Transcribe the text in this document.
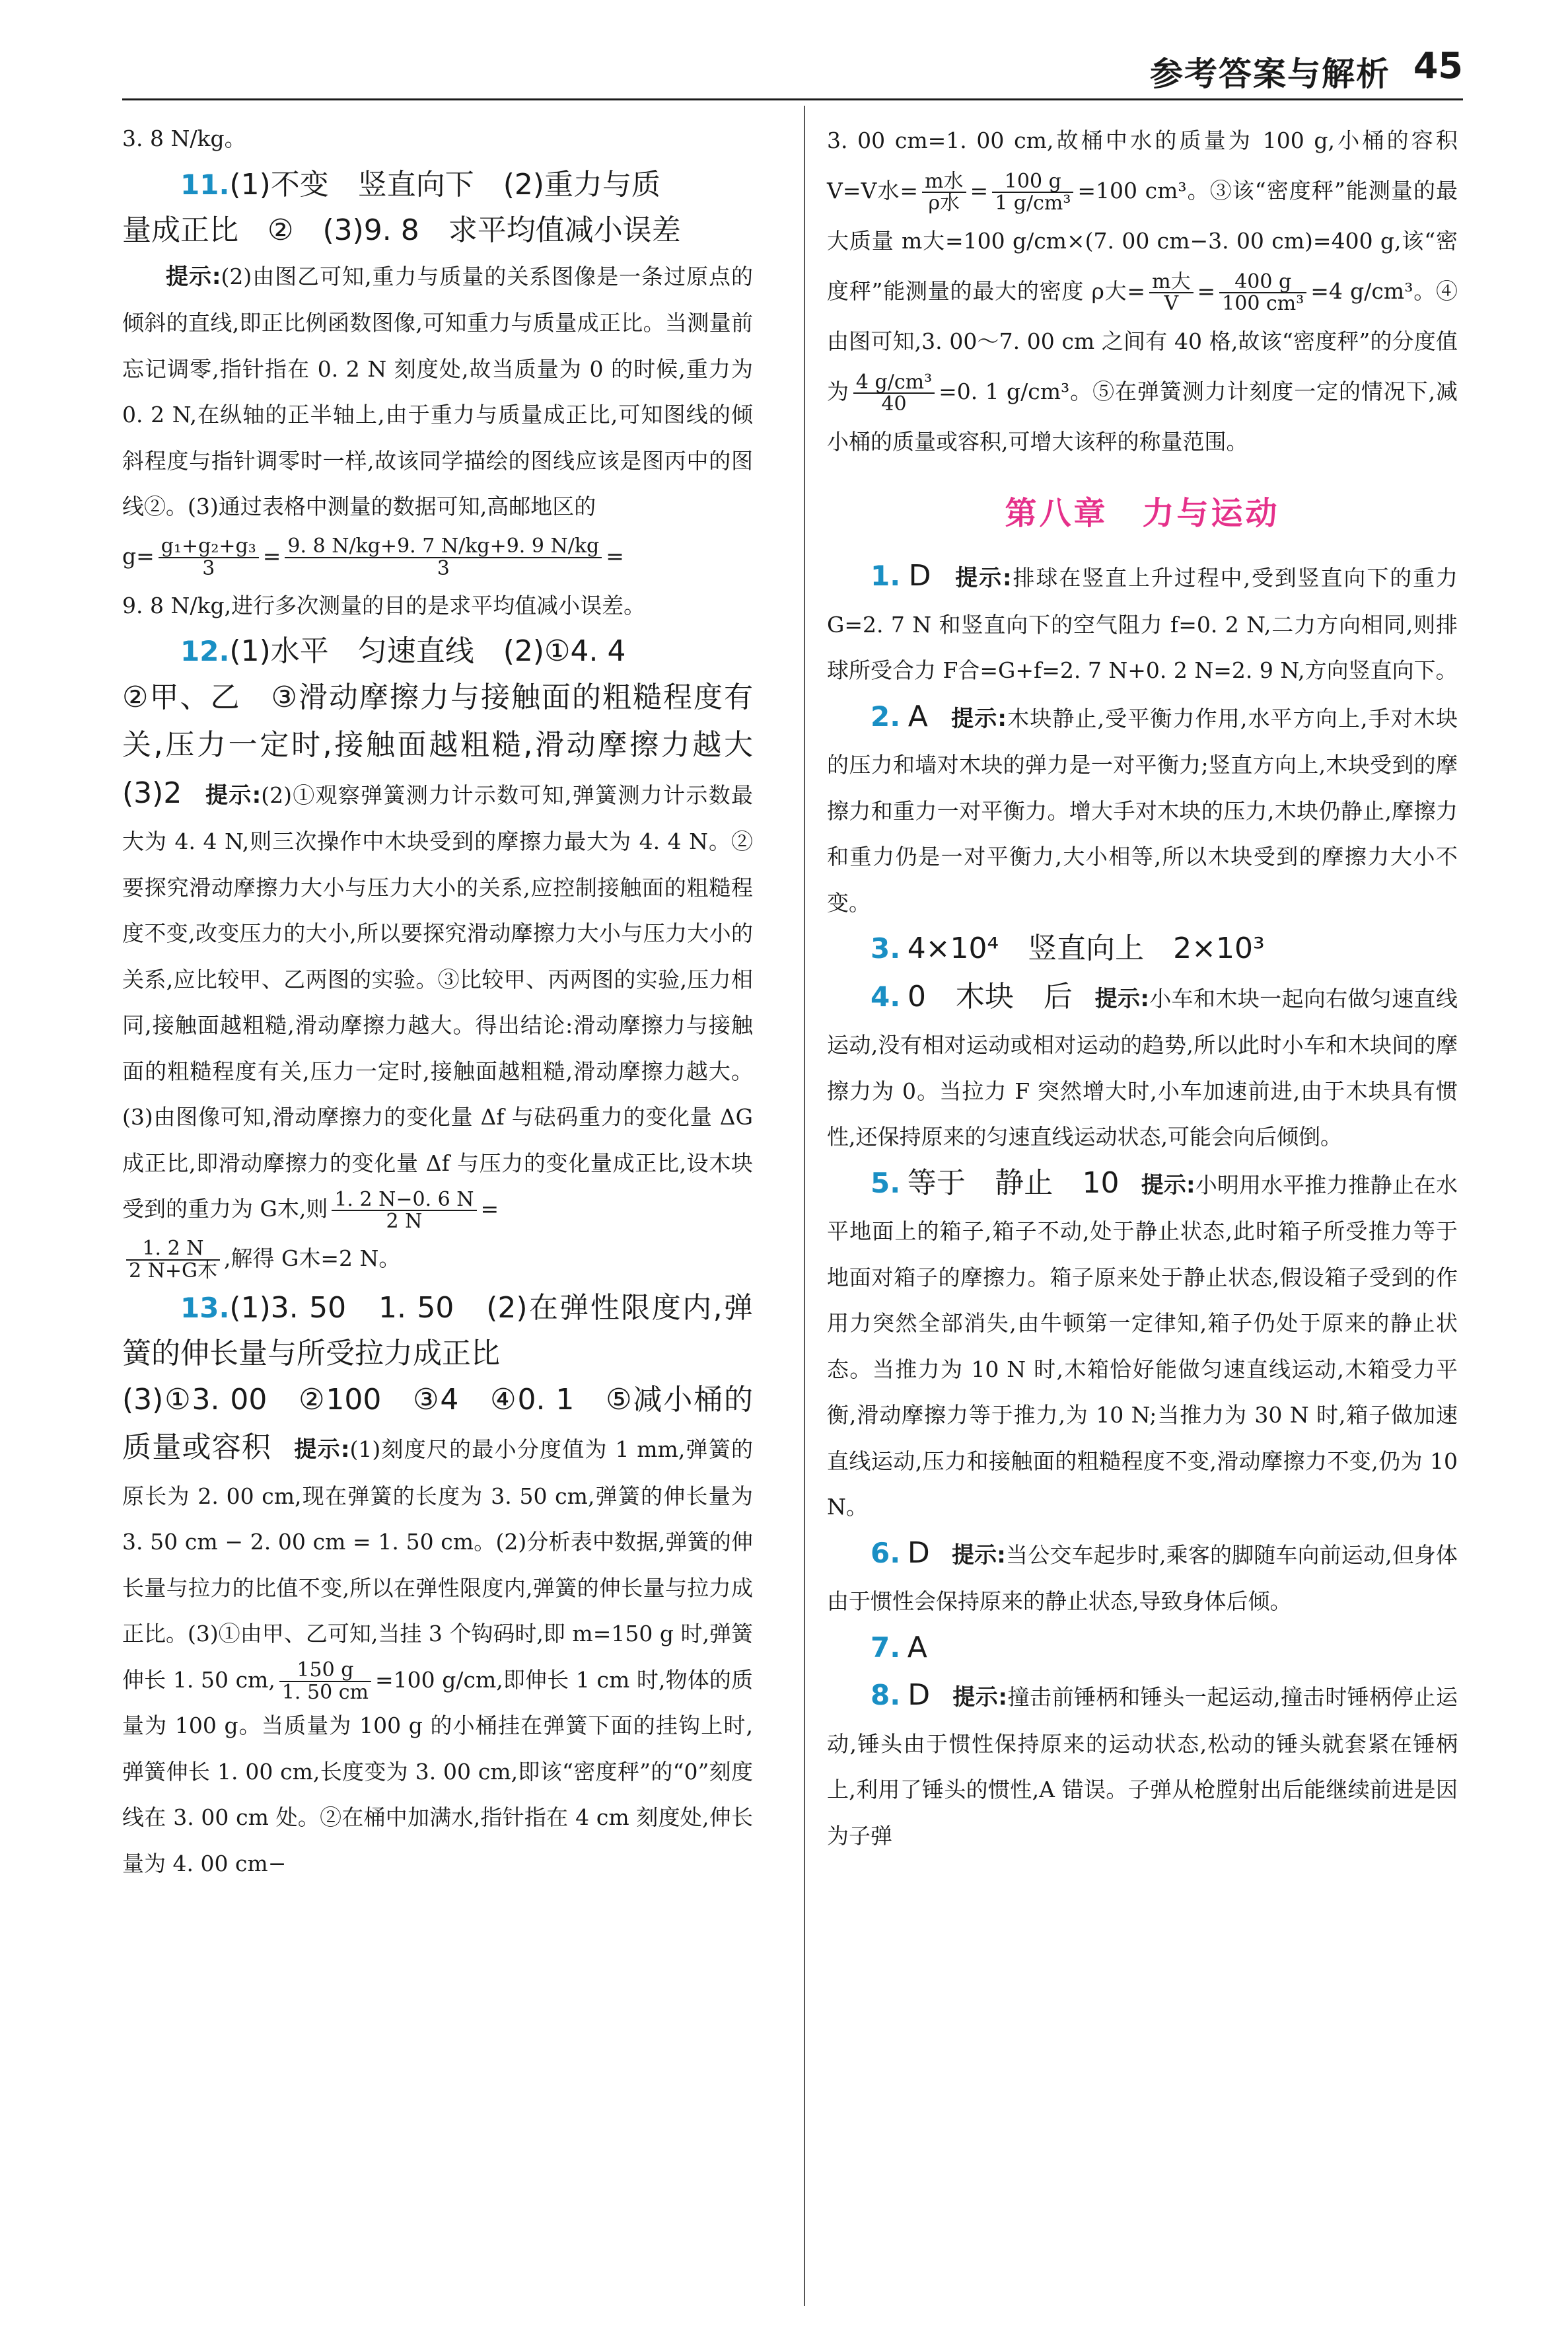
参考答案与解析 45

3. 8 N/kg。

11.(1)不变　竖直向下　(2)重力与质

量成正比　②　(3)9. 8　求平均值减小误差

提示:(2)由图乙可知,重力与质量的关系图像是一条过原点的倾斜的直线,即正比例函数图像,可知重力与质量成正比。当测量前忘记调零,指针指在 0. 2 N 刻度处,故当质量为 0 的时候,重力为 0. 2 N,在纵轴的正半轴上,由于重力与质量成正比,可知图线的倾斜程度与指针调零时一样,故该同学描绘的图线应该是图丙中的图线②。(3)通过表格中测量的数据可知,高邮地区的

$g= \frac{\text{g₁+g₂+g₃}}{3} = \frac{9. 8 N/kg+9. 7 N/kg+9. 9 N/kg}{3}$ =

9. 8 N/kg,进行多次测量的目的是求平均值减小误差。

12.(1)水平　匀速直线　(2)①4. 4

②甲、乙　③滑动摩擦力与接触面的粗糙程度有关,压力一定时,接触面越粗糙,滑动摩擦力越大　(3)2　 提示:(2)①观察弹簧测力计示数可知,弹簧测力计示数最大为 4. 4 N,则三次操作中木块受到的摩擦力最大为 4. 4 N。②要探究滑动摩擦力大小与压力大小的关系,应控制接触面的粗糙程度不变,改变压力的大小,所以要探究滑动摩擦力大小与压力大小的关系,应比较甲、乙两图的实验。③比较甲、丙两图的实验,压力相同,接触面越粗糙,滑动摩擦力越大。得出结论:滑动摩擦力与接触面的粗糙程度有关,压力一定时,接触面越粗糙,滑动摩擦力越大。(3)由图像可知,滑动摩擦力的变化量 Δf 与砝码重力的变化量 ΔG 成正比,即滑动摩擦力的变化量 Δf 与压力的变化量成正比,设木块受到的重力为 G木,则 $\frac{1. 2 N-0. 6 N}{2 N}$ =

1. 2 N
2 N+G木 ,解得 G木=2 N。

13.(1)3. 50　1. 50　(2)在弹性限度内,弹簧的伸长量与所受拉力成正比

(3)①3. 00　②100　③4　④0. 1　⑤减小桶的质量或容积　 提示:(1)刻度尺的最小分度值为 1 mm,弹簧的原长为 2. 00 cm,现在弹簧的长度为 3. 50 cm,弹簧的伸长量为 3. 50 cm − 2. 00 cm = 1. 50 cm。(2)分析表中数据,弹簧的伸长量与拉力的比值不变,所以在弹性限度内,弹簧的伸长量与拉力成正比。(3)①由甲、乙可知,当挂 3 个钩码时,即 m=150 g 时,弹簧伸长 1. 50 cm, $\frac{150 g}{1. 50 cm} =100$ g/cm,即伸长 1 cm 时,物体的质量为 100 g。当质量为 100 g 的小桶挂在弹簧下面的挂钩上时,弹簧伸长 1. 00 cm,长度变为 3. 00 cm,即该“密度秤”的“0”刻度线在 3. 00 cm 处。②在桶中加满水,指针指在 4 cm 刻度处,伸长量为 4. 00 cm−

3. 00 cm=1. 00 cm,故桶中水的质量为 100 g,小桶的容积 V=V水= m水
ρ水 = $\frac{100 g}{\text{1 g/cm³}} =100$ cm³。③该“密度秤”能测量的最大质量 m大=100 g/cm×(7. 00 cm−3. 00 cm)=400 g,该“密度秤”能测量的最大的密度 ρ大= m大
$V = \frac{400 g}{\text{100 cm³}} =4$ g/cm³。④由图可知,3. 00～7. 00 cm 之间有 40 格,故该“密度秤”的分度值为 $\frac{\text{4 g/cm³}}{40} =0$. 1 g/cm³。⑤在弹簧测力计刻度一定的情况下,减小桶的质量或容积,可增大该秤的称量范围。

第八章　力与运动

1. D　 提示:排球在竖直上升过程中,受到竖直向下的重力 G=2. 7 N 和竖直向下的空气阻力 f=0. 2 N,二力方向相同,则排球所受合力 F合=G+f=2. 7 N+0. 2 N=2. 9 N,方向竖直向下。

2. A　 提示:木块静止,受平衡力作用,水平方向上,手对木块的压力和墙对木块的弹力是一对平衡力;竖直方向上,木块受到的摩擦力和重力一对平衡力。增大手对木块的压力,木块仍静止,摩擦力和重力仍是一对平衡力,大小相等,所以木块受到的摩擦力大小不变。

3. 4×10⁴　竖直向上　2×10³

4. 0　木块　后　 提示:小车和木块一起向右做匀速直线运动,没有相对运动或相对运动的趋势,所以此时小车和木块间的摩擦力为 0。当拉力 F 突然增大时,小车加速前进,由于木块具有惯性,还保持原来的匀速直线运动状态,可能会向后倾倒。

5. 等于　静止　10　 提示:小明用水平推力推静止在水平地面上的箱子,箱子不动,处于静止状态,此时箱子所受推力等于地面对箱子的摩擦力。箱子原来处于静止状态,假设箱子受到的作用力突然全部消失,由牛顿第一定律知,箱子仍处于原来的静止状态。当推力为 10 N 时,木箱恰好能做匀速直线运动,木箱受力平衡,滑动摩擦力等于推力,为 10 N;当推力为 30 N 时,箱子做加速直线运动,压力和接触面的粗糙程度不变,滑动摩擦力不变,仍为 10 N。

6. D　 提示:当公交车起步时,乘客的脚随车向前运动,但身体由于惯性会保持原来的静止状态,导致身体后倾。

7. A

8. D　 提示:撞击前锤柄和锤头一起运动,撞击时锤柄停止运动,锤头由于惯性保持原来的运动状态,松动的锤头就套紧在锤柄上,利用了锤头的惯性,A 错误。子弹从枪膛射出后能继续前进是因为子弹
